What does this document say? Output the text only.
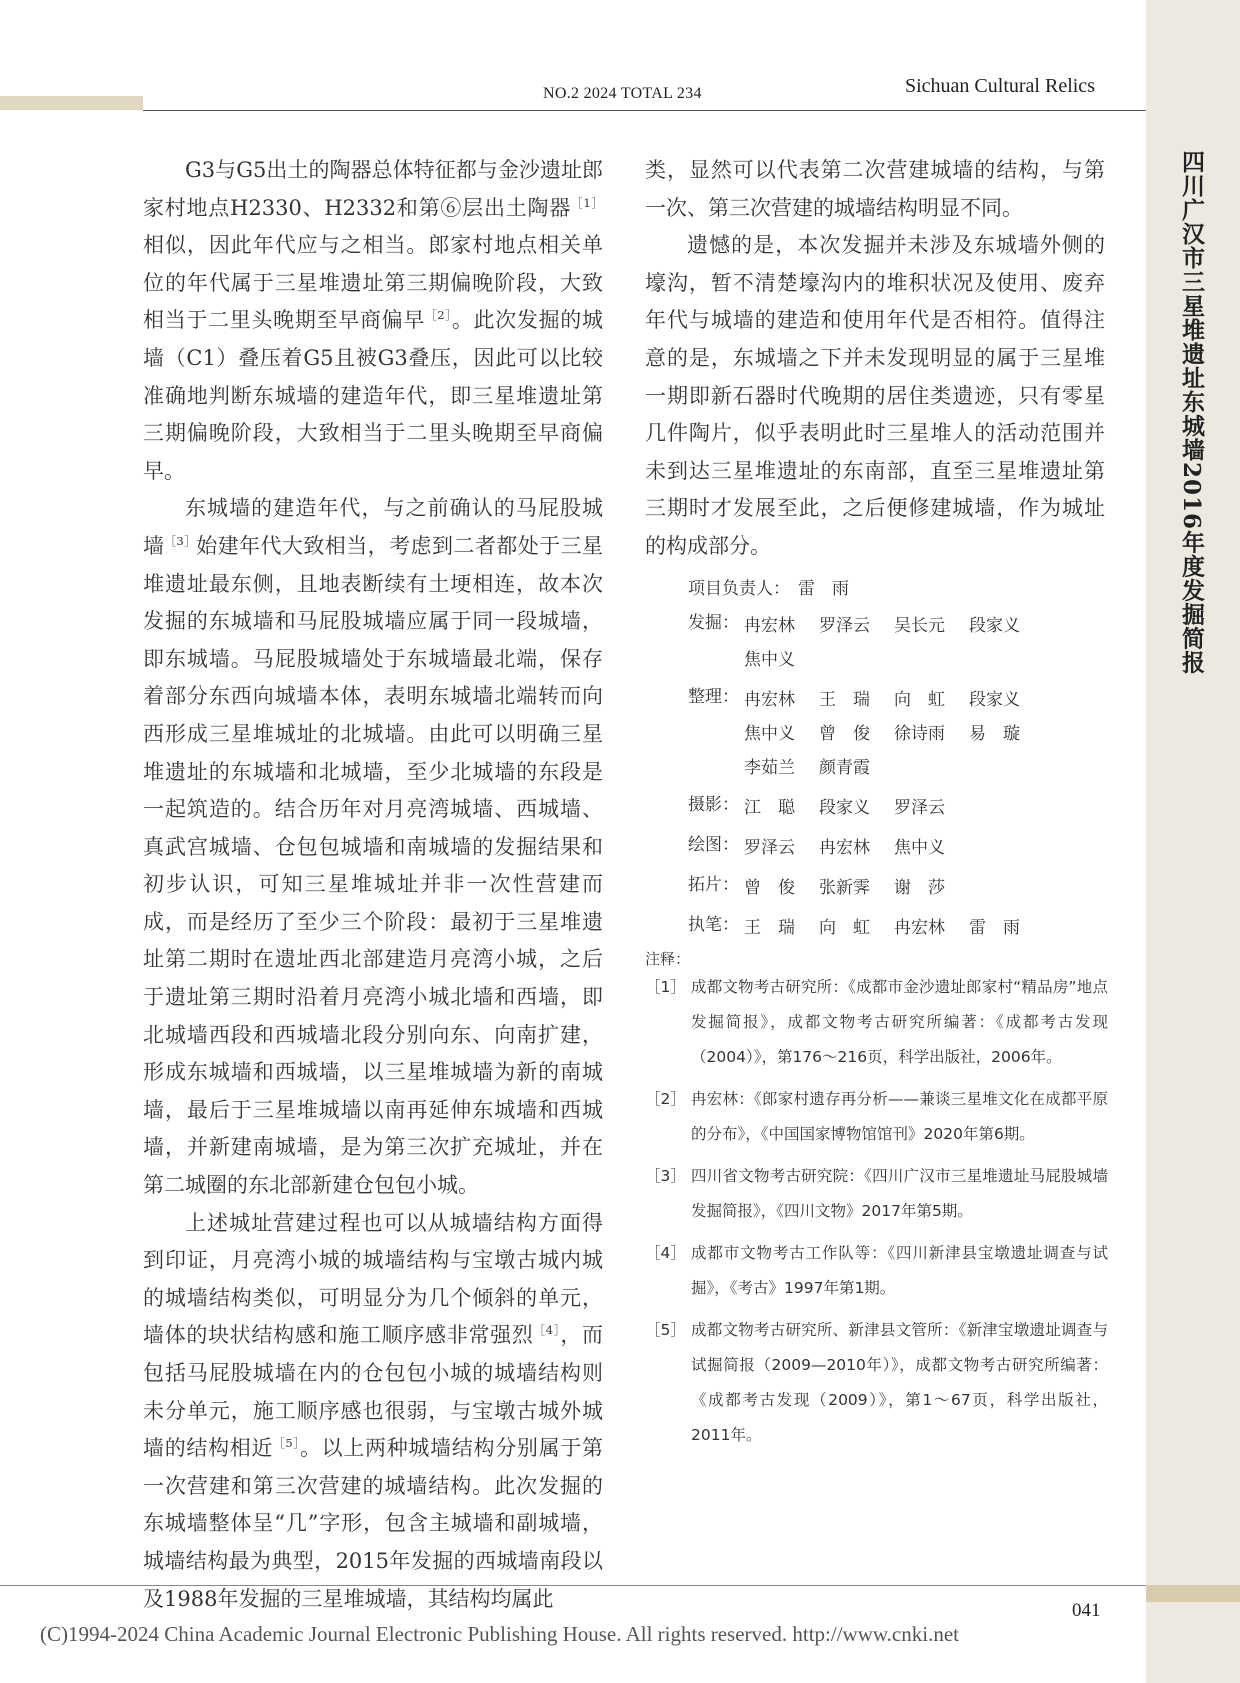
四川广汉市三星堆遗址东城墙2016年度发掘简报
NO.2 2024 TOTAL 234	Sichuan Cultural Relics

G3与G5出土的陶器总体特征都与金沙遗址郎家村地点H2330、H2332和第⑥层出土陶器$^{[1]}$相似，因此年代应与之相当。郎家村地点相关单位的年代属于三星堆遗址第三期偏晚阶段，大致相当于二里头晚期至早商偏早$^{[2]}$。此次发掘的城墙（C1）叠压着G5且被G3叠压，因此可以比较准确地判断东城墙的建造年代，即三星堆遗址第三期偏晚阶段，大致相当于二里头晚期至早商偏早。

东城墙的建造年代，与之前确认的马屁股城墙$^{[3]}$始建年代大致相当，考虑到二者都处于三星堆遗址最东侧，且地表断续有土埂相连，故本次发掘的东城墙和马屁股城墙应属于同一段城墙，即东城墙。马屁股城墙处于东城墙最北端，保存着部分东西向城墙本体，表明东城墙北端转而向西形成三星堆城址的北城墙。由此可以明确三星堆遗址的东城墙和北城墙，至少北城墙的东段是一起筑造的。结合历年对月亮湾城墙、西城墙、真武宫城墙、仓包包城墙和南城墙的发掘结果和初步认识，可知三星堆城址并非一次性营建而成，而是经历了至少三个阶段：最初于三星堆遗址第二期时在遗址西北部建造月亮湾小城，之后于遗址第三期时沿着月亮湾小城北墙和西墙，即北城墙西段和西城墙北段分别向东、向南扩建，形成东城墙和西城墙，以三星堆城墙为新的南城墙，最后于三星堆城墙以南再延伸东城墙和西城墙，并新建南城墙，是为第三次扩充城址，并在第二城圈的东北部新建仓包包小城。

上述城址营建过程也可以从城墙结构方面得到印证，月亮湾小城的城墙结构与宝墩古城内城的城墙结构类似，可明显分为几个倾斜的单元，墙体的块状结构感和施工顺序感非常强烈$^{[4]}$，而包括马屁股城墙在内的仓包包小城的城墙结构则未分单元，施工顺序感也很弱，与宝墩古城外城墙的结构相近$^{[5]}$。以上两种城墙结构分别属于第一次营建和第三次营建的城墙结构。此次发掘的东城墙整体呈“几”字形，包含主城墙和副城墙，城墙结构最为典型，2015年发掘的西城墙南段以及1988年发掘的三星堆城墙，其结构均属此

类，显然可以代表第二次营建城墙的结构，与第一次、第三次营建的城墙结构明显不同。

遗憾的是，本次发掘并未涉及东城墙外侧的壕沟，暂不清楚壕沟内的堆积状况及使用、废弃年代与城墙的建造和使用年代是否相符。值得注意的是，东城墙之下并未发现明显的属于三星堆一期即新石器时代晚期的居住类遗迹，只有零星几件陶片，似乎表明此时三星堆人的活动范围并未到达三星堆遗址的东南部，直至三星堆遗址第三期时才发展至此，之后便修建城墙，作为城址的构成部分。

项目负责人： 雷　雨
发掘： 冉宏林	罗泽云	吴长元	段家义
焦中义
整理： 冉宏林	王　瑞	向　虹	段家义
焦中义	曾　俊	徐诗雨	易　璇
李茹兰	颜青霞
摄影： 江　聪	段家义	罗泽云
绘图： 罗泽云	冉宏林	焦中义
拓片： 曾　俊	张新霁	谢　莎
执笔： 王　瑞	向　虹	冉宏林	雷　雨
注释：
［1］ 成都文物考古研究所：《成都市金沙遗址郎家村“精品房”地点发掘简报》，成都文物考古研究所编著：《成都考古发现（2004）》，第176～216页，科学出版社，2006年。
［2］ 冉宏林：《郎家村遗存再分析——兼谈三星堆文化在成都平原的分布》，《中国国家博物馆馆刊》2020年第6期。
［3］ 四川省文物考古研究院：《四川广汉市三星堆遗址马屁股城墙发掘简报》，《四川文物》2017年第5期。
［4］ 成都市文物考古工作队等：《四川新津县宝墩遗址调查与试掘》，《考古》1997年第1期。
［5］ 成都文物考古研究所、新津县文管所：《新津宝墩遗址调查与试掘简报（2009—2010年）》，成都文物考古研究所编著：《成都考古发现（2009）》，第1～67页，科学出版社，2011年。
041
(C)1994-2024 China Academic Journal Electronic Publishing House. All rights reserved. http://www.cnki.net
